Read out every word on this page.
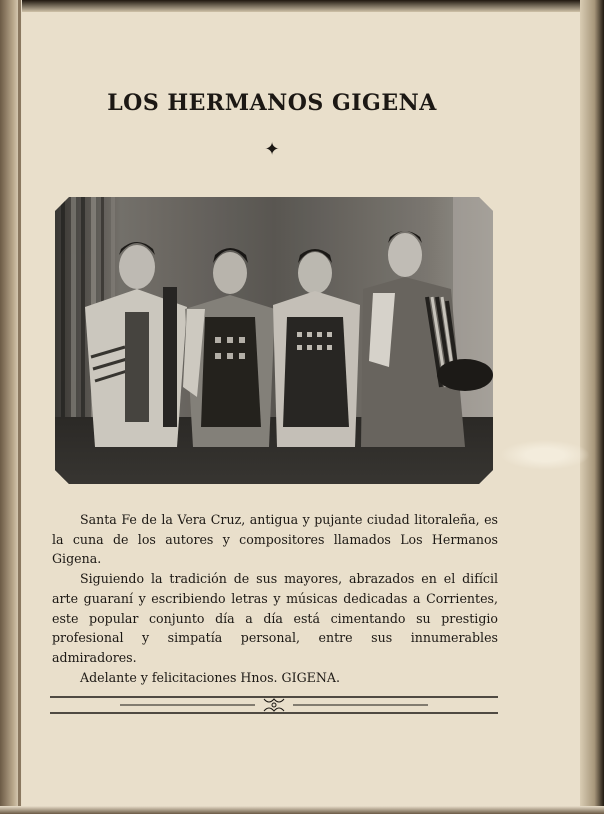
LOS HERMANOS GIGENA
✦

Santa Fe de la Vera Cruz, antigua y pujante ciudad litoraleña, es la cuna de los autores y compositores llamados Los Hermanos Gigena.

Siguiendo la tradición de sus mayores, abrazados en el difícil arte guaraní y escribiendo letras y músicas dedicadas a Corrientes, este popular conjunto día a día está cimentando su prestigio profesional y simpatía personal, entre sus innumerables admiradores.

Adelante y felicitaciones Hnos. GIGENA.
